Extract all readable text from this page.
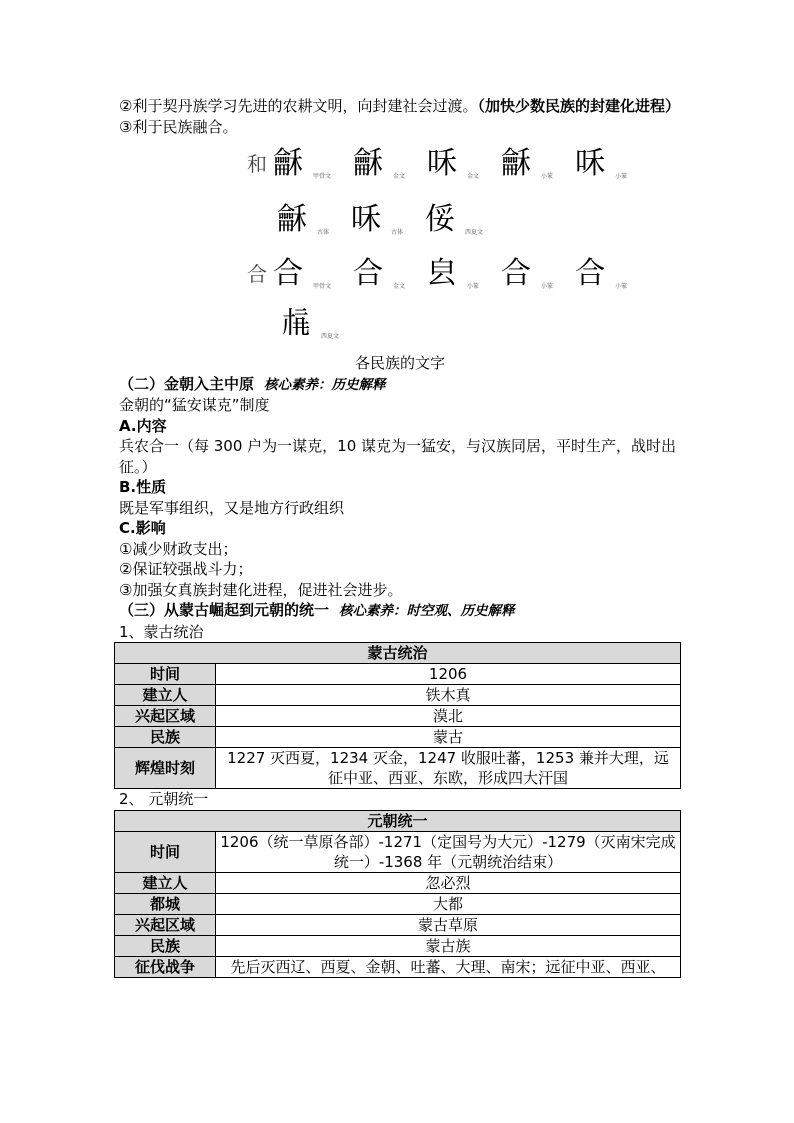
②利于契丹族学习先进的农耕文明，向封建社会过渡。（加快少数民族的封建化进程）

③利于民族融合。

和 龢 甲骨文 龢 金文 咊 金文 龢 小篆 咊 小篆
龢 古体 咊 古体 俀 西夏文
合 合 甲骨文 合 金文 㿝 小篆 合 小篆 合 小篆
𗍫 西夏文

各民族的文字

（二）金朝入主中原 核心素养：历史解释

金朝的“猛安谋克”制度

A.内容

兵农合一（每 300 户为一谋克，10 谋克为一猛安，与汉族同居，平时生产，战时出征。）

B.性质

既是军事组织，又是地方行政组织

C.影响

①减少财政支出；

②保证较强战斗力；

③加强女真族封建化进程，促进社会进步。

（三）从蒙古崛起到元朝的统一 核心素养：时空观、历史解释

1、蒙古统治

蒙古统治	
时间	1206
建立人	铁木真
兴起区域	漠北
民族	蒙古
辉煌时刻	1227 灭西夏，1234 灭金，1247 收服吐蕃，1253 兼并大理，远征中亚、西亚、东欧，形成四大汗国

2、 元朝统一

元朝统一	
时间	1206（统一草原各部）-1271（定国号为大元）-1279（灭南宋完成统一）-1368 年（元朝统治结束）
建立人	忽必烈
都城	大都
兴起区域	蒙古草原
民族	蒙古族
征伐战争	先后灭西辽、西夏、金朝、吐蕃、大理、南宋；远征中亚、西亚、
